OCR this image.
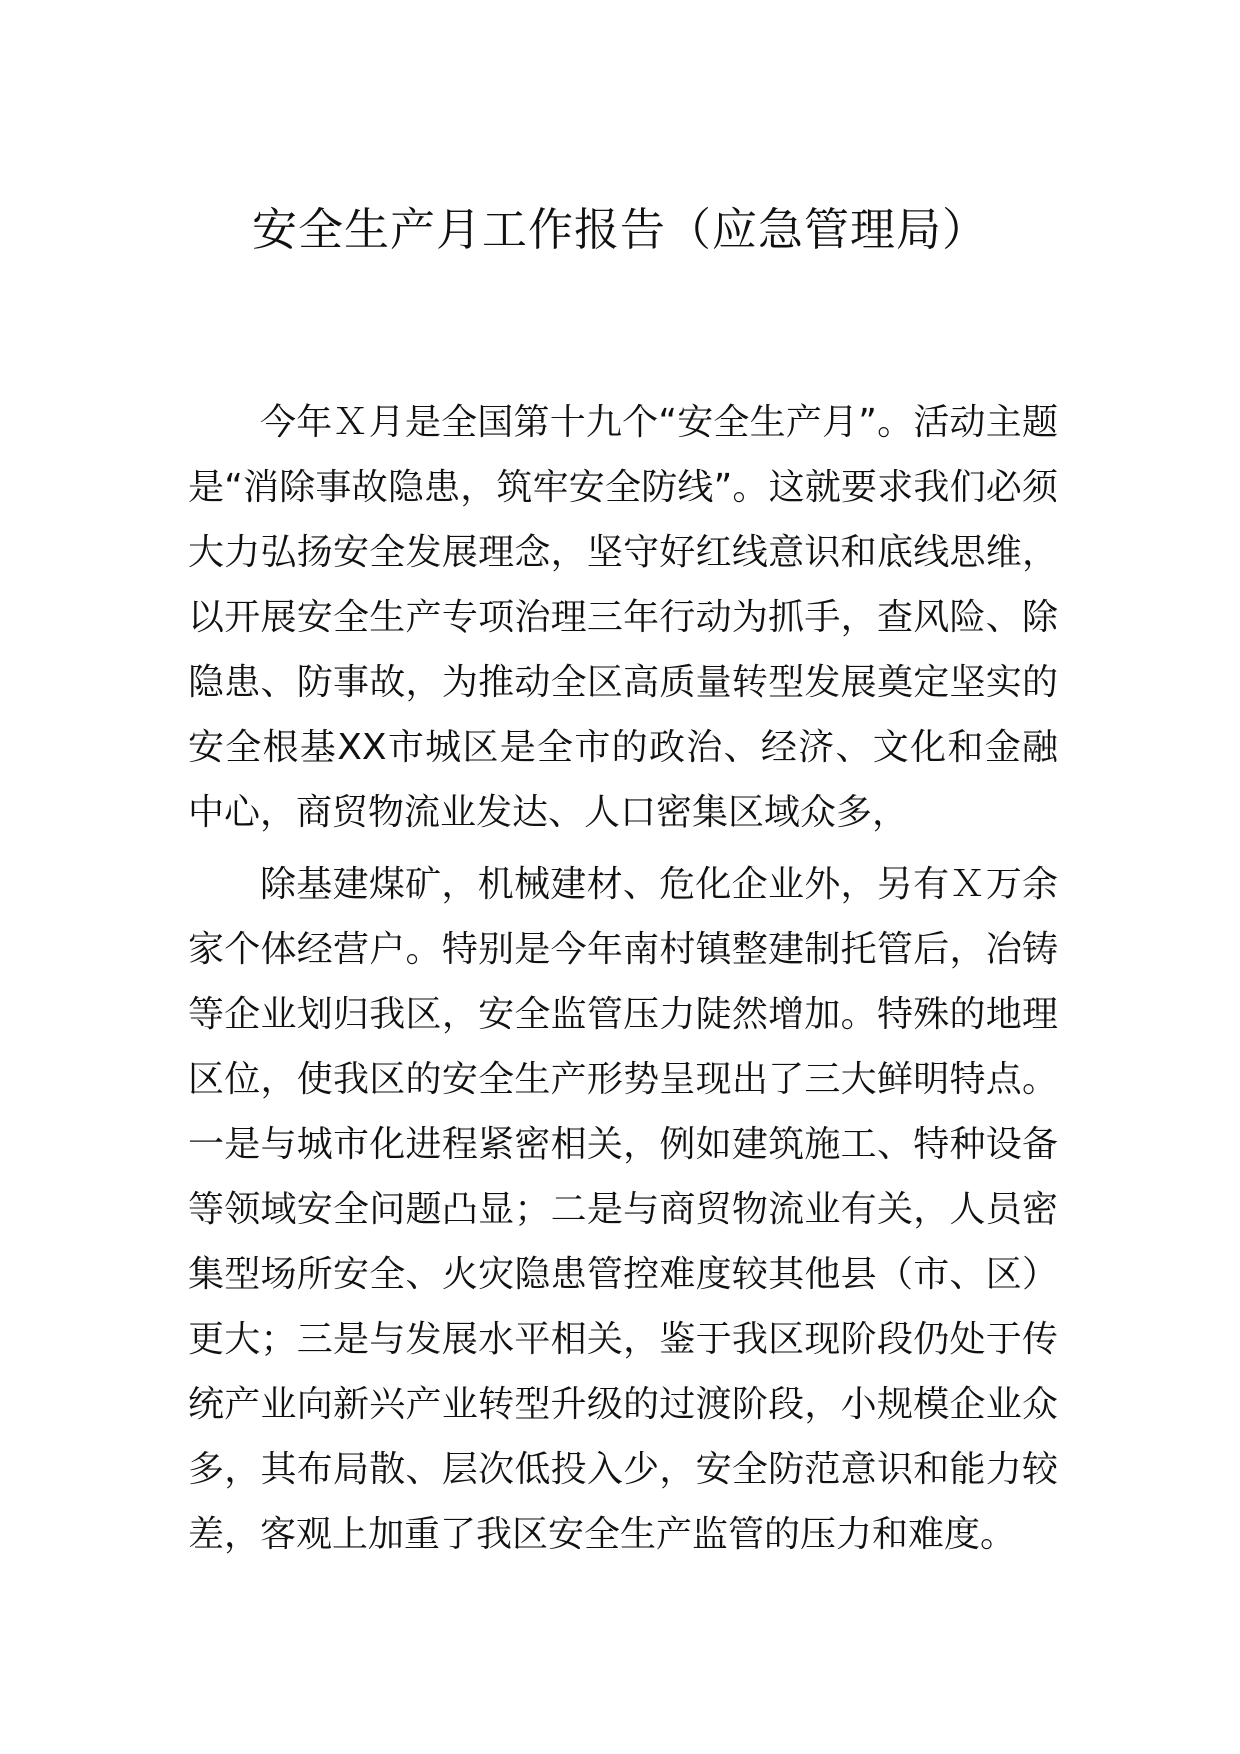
安全生产月工作报告（应急管理局）

今年Ｘ月是全国第十九个“安全生产月”。活动主题是“消除事故隐患，筑牢安全防线”。这就要求我们必须大力弘扬安全发展理念，坚守好红线意识和底线思维，以开展安全生产专项治理三年行动为抓手，查风险、除隐患、防事故，为推动全区高质量转型发展奠定坚实的安全根基XX市城区是全市的政治、经济、文化和金融中心，商贸物流业发达、人口密集区域众多，

除基建煤矿，机械建材、危化企业外，另有Ｘ万余家个体经营户。特别是今年南村镇整建制托管后，冶铸等企业划归我区，安全监管压力陡然增加。特殊的地理区位，使我区的安全生产形势呈现出了三大鲜明特点。一是与城市化进程紧密相关，例如建筑施工、特种设备等领域安全问题凸显；二是与商贸物流业有关，人员密集型场所安全、火灾隐患管控难度较其他县（市、区）更大；三是与发展水平相关，鉴于我区现阶段仍处于传统产业向新兴产业转型升级的过渡阶段，小规模企业众多，其布局散、层次低投入少，安全防范意识和能力较差，客观上加重了我区安全生产监管的压力和难度。
